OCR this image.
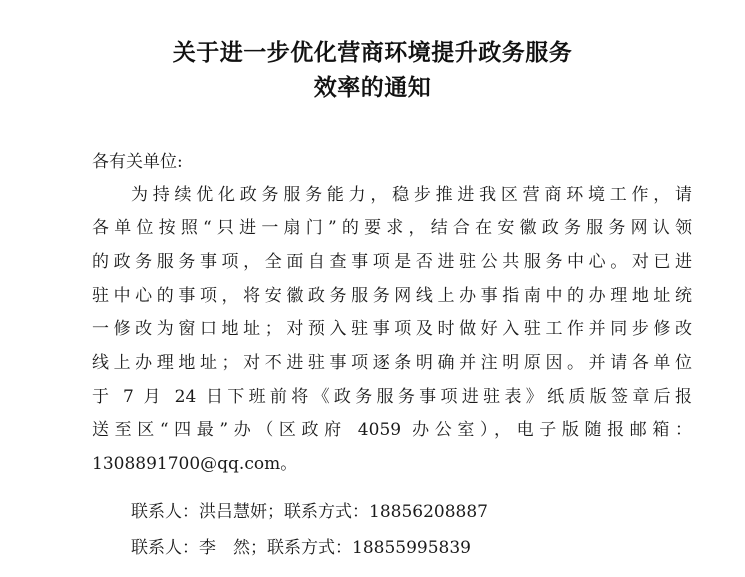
关于进一步优化营商环境提升政务服务
效率的通知
各有关单位:
为持续优化政务服务能力，稳步推进我区营商环境工作，请
各单位按照“只进一扇门”的要求，结合在安徽政务服务网认领
的政务服务事项，全面自查事项是否进驻公共服务中心。对已进
驻中心的事项，将安徽政务服务网线上办事指南中的办理地址统
一修改为窗口地址；对预入驻事项及时做好入驻工作并同步修改
线上办理地址；对不进驻事项逐条明确并注明原因。并请各单位
于 7 月 24 日下班前将《政务服务事项进驻表》纸质版签章后报
送至区“四最”办（区政府 4059 办公室），电子版随报邮箱：
1308891700@qq.com。
联系人：洪吕慧妍；联系方式：18856208887
联系人：李　然；联系方式：18855995839
